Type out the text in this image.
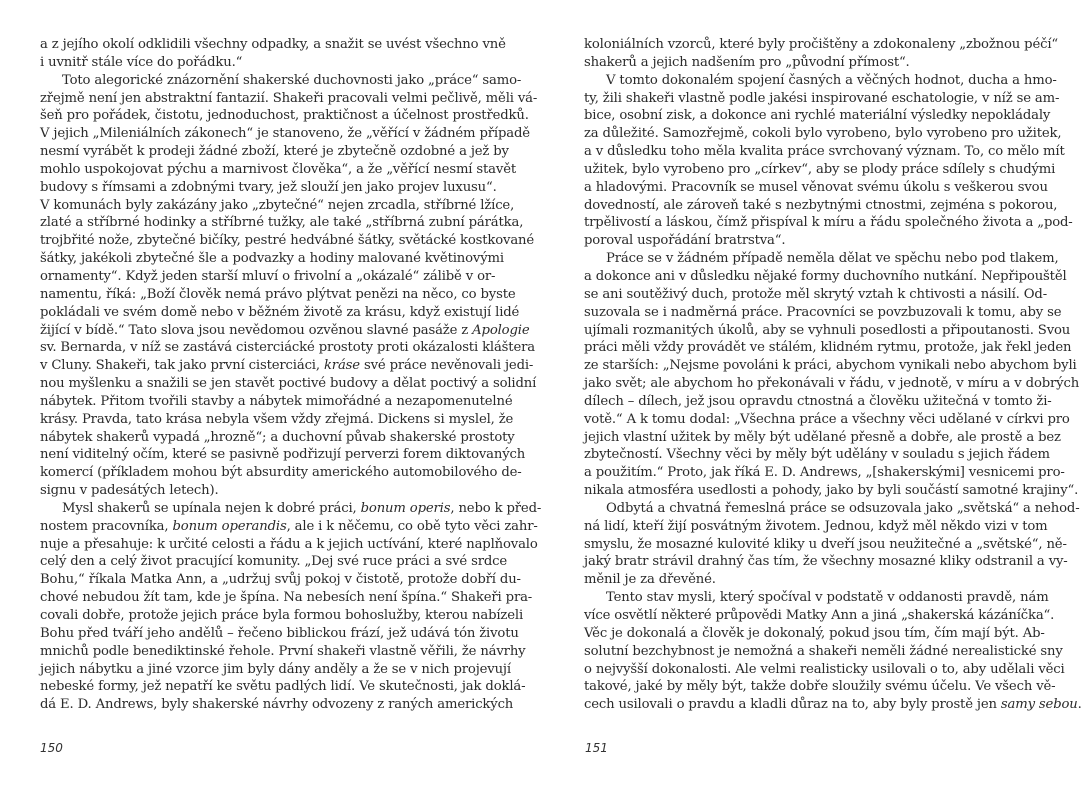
a z jejího okolí odklidili všechny odpadky, a snažit se uvést všechno vně
i uvnitř stále více do pořádku.“
Toto alegorické znázornění shakerské duchovnosti jako „práce“ samo-
zřejmě není jen abstraktní fantazií. Shakeři pracovali velmi pečlivě, měli vá-
šeň pro pořádek, čistotu, jednoduchost, praktičnost a účelnost prostředků.
V jejich „Mileniálních zákonech“ je stanoveno, že „věřící v žádném případě
nesmí vyrábět k prodeji žádné zboží, které je zbytečně ozdobné a jež by
mohlo uspokojovat pýchu a marnivost člověka“, a že „věřící nesmí stavět
budovy s římsami a zdobnými tvary, jež slouží jen jako projev luxusu“.
V komunách byly zakázány jako „zbytečné“ nejen zrcadla, stříbrné lžíce,
zlaté a stříbrné hodinky a stříbrné tužky, ale také „stříbrná zubní párátka,
trojbřité nože, zbytečné bičíky, pestré hedvábné šátky, světácké kostkované
šátky, jakékoli zbytečné šle a podvazky a hodiny malované květinovými
ornamenty“. Když jeden starší mluví o frivolní a „okázalé“ zálibě v or-
namentu, říká: „Boží člověk nemá právo plýtvat penězi na něco, co byste
pokládali ve svém domě nebo v běžném životě za krásu, když existují lidé
žijící v bídě.“ Tato slova jsou nevědomou ozvěnou slavné pasáže z Apologie
sv. Bernarda, v níž se zastává cisterciácké prostoty proti okázalosti kláštera
v Cluny. Shakeři, tak jako první cisterciáci, kráse své práce nevěnovali jedi-
nou myšlenku a snažili se jen stavět poctivé budovy a dělat poctivý a solidní
nábytek. Přitom tvořili stavby a nábytek mimořádné a nezapomenutelné
krásy. Pravda, tato krása nebyla všem vždy zřejmá. Dickens si myslel, že
nábytek shakerů vypadá „hrozně“; a duchovní půvab shakerské prostoty
není viditelný očím, které se pasivně podřizují perverzi forem diktovaných
komercí (příkladem mohou být absurdity amerického automobilového de-
signu v padesátých letech).
Mysl shakerů se upínala nejen k dobré práci, bonum operis, nebo k před-
nostem pracovníka, bonum operandis, ale i k něčemu, co obě tyto věci zahr-
nuje a přesahuje: k určité celosti a řádu a k jejich uctívání, které naplňovalo
celý den a celý život pracující komunity. „Dej své ruce práci a své srdce
Bohu,“ říkala Matka Ann, a „udržuj svůj pokoj v čistotě, protože dobří du-
chové nebudou žít tam, kde je špína. Na nebesích není špína.“ Shakeři pra-
covali dobře, protože jejich práce byla formou bohoslužby, kterou nabízeli
Bohu před tváří jeho andělů – řečeno biblickou frází, jež udává tón životu
mnichů podle benediktinské řehole. První shakeři vlastně věřili, že návrhy
jejich nábytku a jiné vzorce jim byly dány anděly a že se v nich projevují
nebeské formy, jež nepatří ke světu padlých lidí. Ve skutečnosti, jak doklá-
dá E. D. Andrews, byly shakerské návrhy odvozeny z raných amerických
koloniálních vzorců, které byly pročištěny a zdokonaleny „zbožnou péčí“
shakerů a jejich nadšením pro „původní přímost“.
V tomto dokonalém spojení časných a věčných hodnot, ducha a hmo-
ty, žili shakeři vlastně podle jakési inspirované eschatologie, v níž se am-
bice, osobní zisk, a dokonce ani rychlé materiální výsledky nepokládaly
za důležité. Samozřejmě, cokoli bylo vyrobeno, bylo vyrobeno pro užitek,
a v důsledku toho měla kvalita práce svrchovaný význam. To, co mělo mít
užitek, bylo vyrobeno pro „církev“, aby se plody práce sdílely s chudými
a hladovými. Pracovník se musel věnovat svému úkolu s veškerou svou
dovedností, ale zároveň také s nezbytnými ctnostmi, zejména s pokorou,
trpělivostí a láskou, čímž přispíval k míru a řádu společného života a „pod-
poroval uspořádání bratrstva“.
Práce se v žádném případě neměla dělat ve spěchu nebo pod tlakem,
a dokonce ani v důsledku nějaké formy duchovního nutkání. Nepřipouštěl
se ani soutěživý duch, protože měl skrytý vztah k chtivosti a násilí. Od-
suzovala se i nadměrná práce. Pracovníci se povzbuzovali k tomu, aby se
ujímali rozmanitých úkolů, aby se vyhnuli posedlosti a připoutanosti. Svou
práci měli vždy provádět ve stálém, klidném rytmu, protože, jak řekl jeden
ze starších: „Nejsme povoláni k práci, abychom vynikali nebo abychom byli
jako svět; ale abychom ho překonávali v řádu, v jednotě, v míru a v dobrých
dílech – dílech, jež jsou opravdu ctnostná a člověku užitečná v tomto ži-
votě.“ A k tomu dodal: „Všechna práce a všechny věci udělané v církvi pro
jejich vlastní užitek by měly být udělané přesně a dobře, ale prostě a bez
zbytečností. Všechny věci by měly být udělány v souladu s jejich řádem
a použitím.“ Proto, jak říká E. D. Andrews, „[shakerskými] vesnicemi pro-
nikala atmosféra usedlosti a pohody, jako by byli součástí samotné krajiny“.
Odbytá a chvatná řemeslná práce se odsuzovala jako „světská“ a nehod-
ná lidí, kteří žijí posvátným životem. Jednou, když měl někdo vizi v tom
smyslu, že mosazné kulovité kliky u dveří jsou neužitečné a „světské“, ně-
jaký bratr strávil drahný čas tím, že všechny mosazné kliky odstranil a vy-
měnil je za dřevěné.
Tento stav mysli, který spočíval v podstatě v oddanosti pravdě, nám
více osvětlí některé průpovědi Matky Ann a jiná „shakerská kázáníčka“.
Věc je dokonalá a člověk je dokonalý, pokud jsou tím, čím mají být. Ab-
solutní bezchybnost je nemožná a shakeři neměli žádné nerealistické sny
o nejvyšší dokonalosti. Ale velmi realisticky usilovali o to, aby udělali věci
takové, jaké by měly být, takže dobře sloužily svému účelu. Ve všech vě-
cech usilovali o pravdu a kladli důraz na to, aby byly prostě jen samy sebou.
150	151
